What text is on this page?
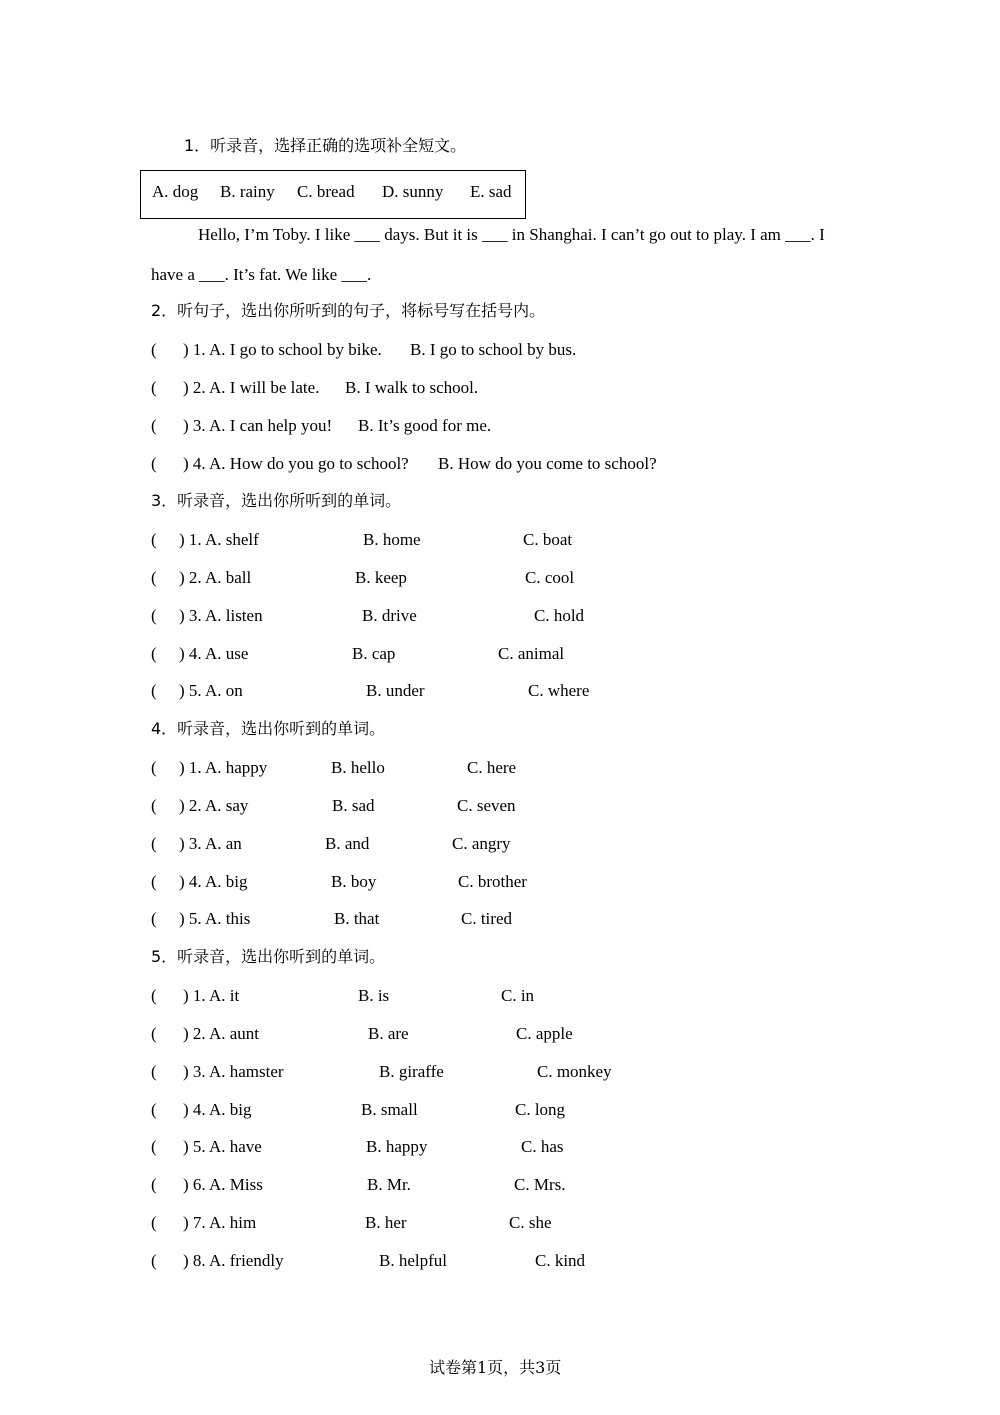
1．听录音，选择正确的选项补全短文。
A. dog B. rainy C. bread D. sunny E. sad
Hello, I’m Toby. I like ___ days. But it is ___ in Shanghai. I can’t go out to play. I am ___. I
have a ___. It’s fat. We like ___.
2．听句子，选出你所听到的句子，将标号写在括号内。
( ) 1. A. I go to school by bike. B. I go to school by bus.
( ) 2. A. I will be late. B. I walk to school.
( ) 3. A. I can help you! B. It’s good for me.
( ) 4. A. How do you go to school? B. How do you come to school?
3．听录音，选出你所听到的单词。
( ) 1. A. shelf	B. home	C. boat
( ) 2. A. ball	B. keep	C. cool
( ) 3. A. listen	B. drive	C. hold
( ) 4. A. use	B. cap	C. animal
( ) 5. A. on	B. under	C. where
4．听录音，选出你听到的单词。
( ) 1. A. happy	B. hello	C. here
( ) 2. A. say	B. sad	C. seven
( ) 3. A. an	B. and	C. angry
( ) 4. A. big	B. boy	C. brother
( ) 5. A. this	B. that	C. tired
5．听录音，选出你听到的单词。
( ) 1. A. it	B. is	C. in
( ) 2. A. aunt	B. are	C. apple
( ) 3. A. hamster	B. giraffe	C. monkey
( ) 4. A. big	B. small	C. long
( ) 5. A. have	B. happy	C. has
( ) 6. A. Miss	B. Mr.	C. Mrs.
( ) 7. A. him	B. her	C. she
( ) 8. A. friendly	B. helpful	C. kind
试卷第1页，共3页
